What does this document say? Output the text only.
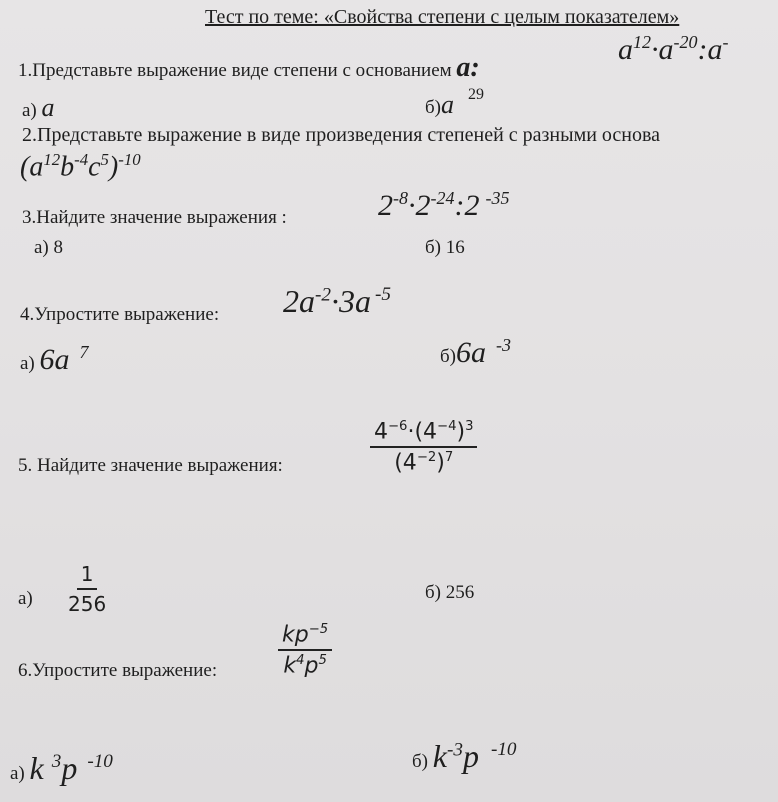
Тест по теме: «Свойства степени с целым показателем»
1.Представьте выражение виде степени с основанием а:
$a^{12}\cdot a^{-20}:a^-$
а) a	б)a $^{29}$
2.Представьте выражение в виде произведения степеней с разными основа
$(a^{12}b^{-4}c^5)^{-10}$
3.Найдите значение выражения :	$2^{-8}\cdot 2^{-24}:2$ $^{-35}$
а) 8	б) 16
4.Упростите выражение: $2a^{-2}\cdot 3a$ $^{-5}$
а) 6a $^7$	б)6a $^{-3}$
5. Найдите значение выражения:	$\frac{4^{-6}\cdot(4^{-4})^3}{(4^{-2})^7}$
$а) \frac{1}{256}$	б) 256
6.Упростите выражение:	$\frac{kp^{-5}}{k^4p^5}$
а) k $^3$p $^{-10}$	б) $k^{-3}p$ $^{-10}$
